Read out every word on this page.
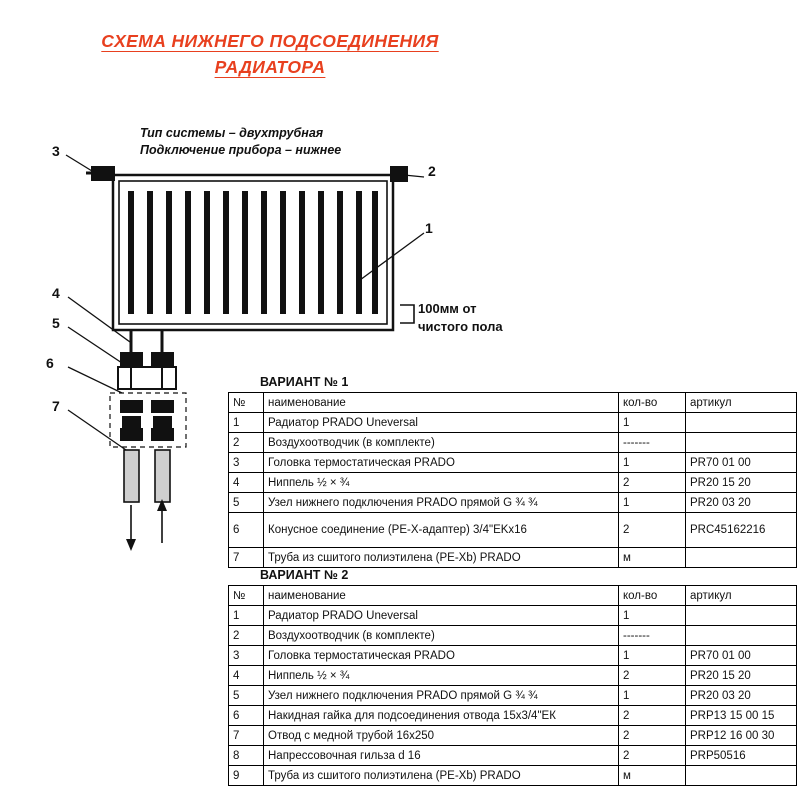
СХЕМА НИЖНЕГО ПОДСОЕДИНЕНИЯ
РАДИАТОРА
Тип системы – двухтрубная
Подключение прибора – нижнее
100мм от
чистого пола
1
2
3
4
5
6
7
ВАРИАНТ № 1
№	наименование	кол-во	артикул
1	Радиатор PRADO Uneversal	1	
2	Воздухоотводчик (в комплекте)	-------	
3	Головка термостатическая PRADO	1	PR70 01 00
4	Ниппель ½ × ¾	2	PR20 15 20
5	Узел нижнего подключения PRADO прямой G ¾ ¾	1	PR20 03 20
6	Конусное соединение (PE-X-адаптер) 3/4"EKx16	2	PRC45162216
7	Труба из сшитого полиэтилена (PE-Xb) PRADO	м	
ВАРИАНТ № 2
№	наименование	кол-во	артикул
1	Радиатор PRADO Uneversal	1	
2	Воздухоотводчик (в комплекте)	-------	
3	Головка термостатическая PRADO	1	PR70 01 00
4	Ниппель ½ × ¾	2	PR20 15 20
5	Узел нижнего подключения PRADO прямой G ¾ ¾	1	PR20 03 20
6	Накидная гайка для подсоединения отвода 15х3/4"ЕК	2	PRP13 15 00 15
7	Отвод с медной трубой 16х250	2	PRP12 16 00 30
8	Напрессовочная гильза d 16	2	PRP50516
9	Труба из сшитого полиэтилена (PE-Xb) PRADO	м	
